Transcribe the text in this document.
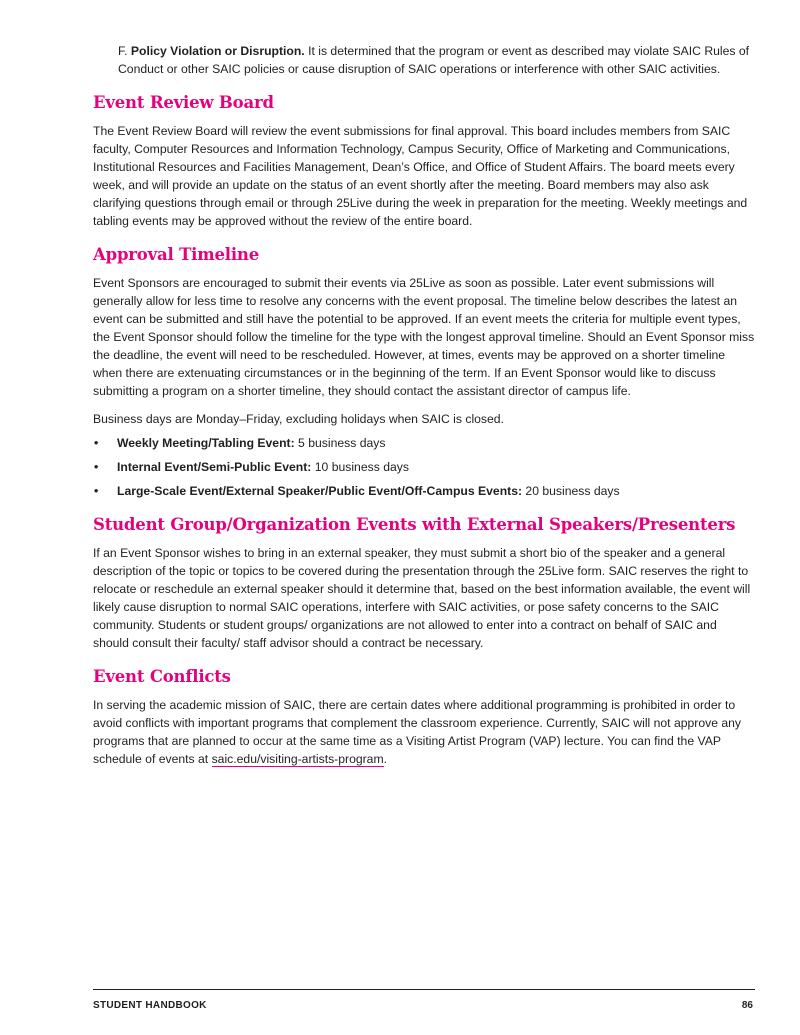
F. Policy Violation or Disruption. It is determined that the program or event as described may violate SAIC Rules of Conduct or other SAIC policies or cause disruption of SAIC operations or interference with other SAIC activities.

Event Review Board

The Event Review Board will review the event submissions for final approval. This board includes members from SAIC faculty, Computer Resources and Information Technology, Campus Security, Office of Marketing and Communications, Institutional Resources and Facilities Management, Dean’s Office, and Office of Student Affairs. The board meets every week, and will provide an update on the status of an event shortly after the meeting. Board members may also ask clarifying questions through email or through 25Live during the week in preparation for the meeting. Weekly meetings and tabling events may be approved without the review of the entire board.

Approval Timeline

Event Sponsors are encouraged to submit their events via 25Live as soon as possible. Later event submissions will generally allow for less time to resolve any concerns with the event proposal. The timeline below describes the latest an event can be submitted and still have the potential to be approved. If an event meets the criteria for multiple event types, the Event Sponsor should follow the timeline for the type with the longest approval timeline. Should an Event Sponsor miss the deadline, the event will need to be rescheduled. However, at times, events may be approved on a shorter timeline when there are extenuating circumstances or in the beginning of the term. If an Event Sponsor would like to discuss submitting a program on a shorter timeline, they should contact the assistant director of campus life.

Business days are Monday–Friday, excluding holidays when SAIC is closed.

• Weekly Meeting/Tabling Event: 5 business days
• Internal Event/Semi-Public Event: 10 business days
• Large-Scale Event/External Speaker/Public Event/Off-Campus Events: 20 business days
Student Group/Organization Events with External Speakers/Presenters

If an Event Sponsor wishes to bring in an external speaker, they must submit a short bio of the speaker and a general description of the topic or topics to be covered during the presentation through the 25Live form. SAIC reserves the right to relocate or reschedule an external speaker should it determine that, based on the best information available, the event will likely cause disruption to normal SAIC operations, interfere with SAIC activities, or pose safety concerns to the SAIC community. Students or student groups/ organizations are not allowed to enter into a contract on behalf of SAIC and should consult their faculty/ staff advisor should a contract be necessary.

Event Conflicts

In serving the academic mission of SAIC, there are certain dates where additional programming is prohibited in order to avoid conflicts with important programs that complement the classroom experience. Currently, SAIC will not approve any programs that are planned to occur at the same time as a Visiting Artist Program (VAP) lecture. You can find the VAP schedule of events at saic.edu/visiting-artists-program.

STUDENT HANDBOOK	86
